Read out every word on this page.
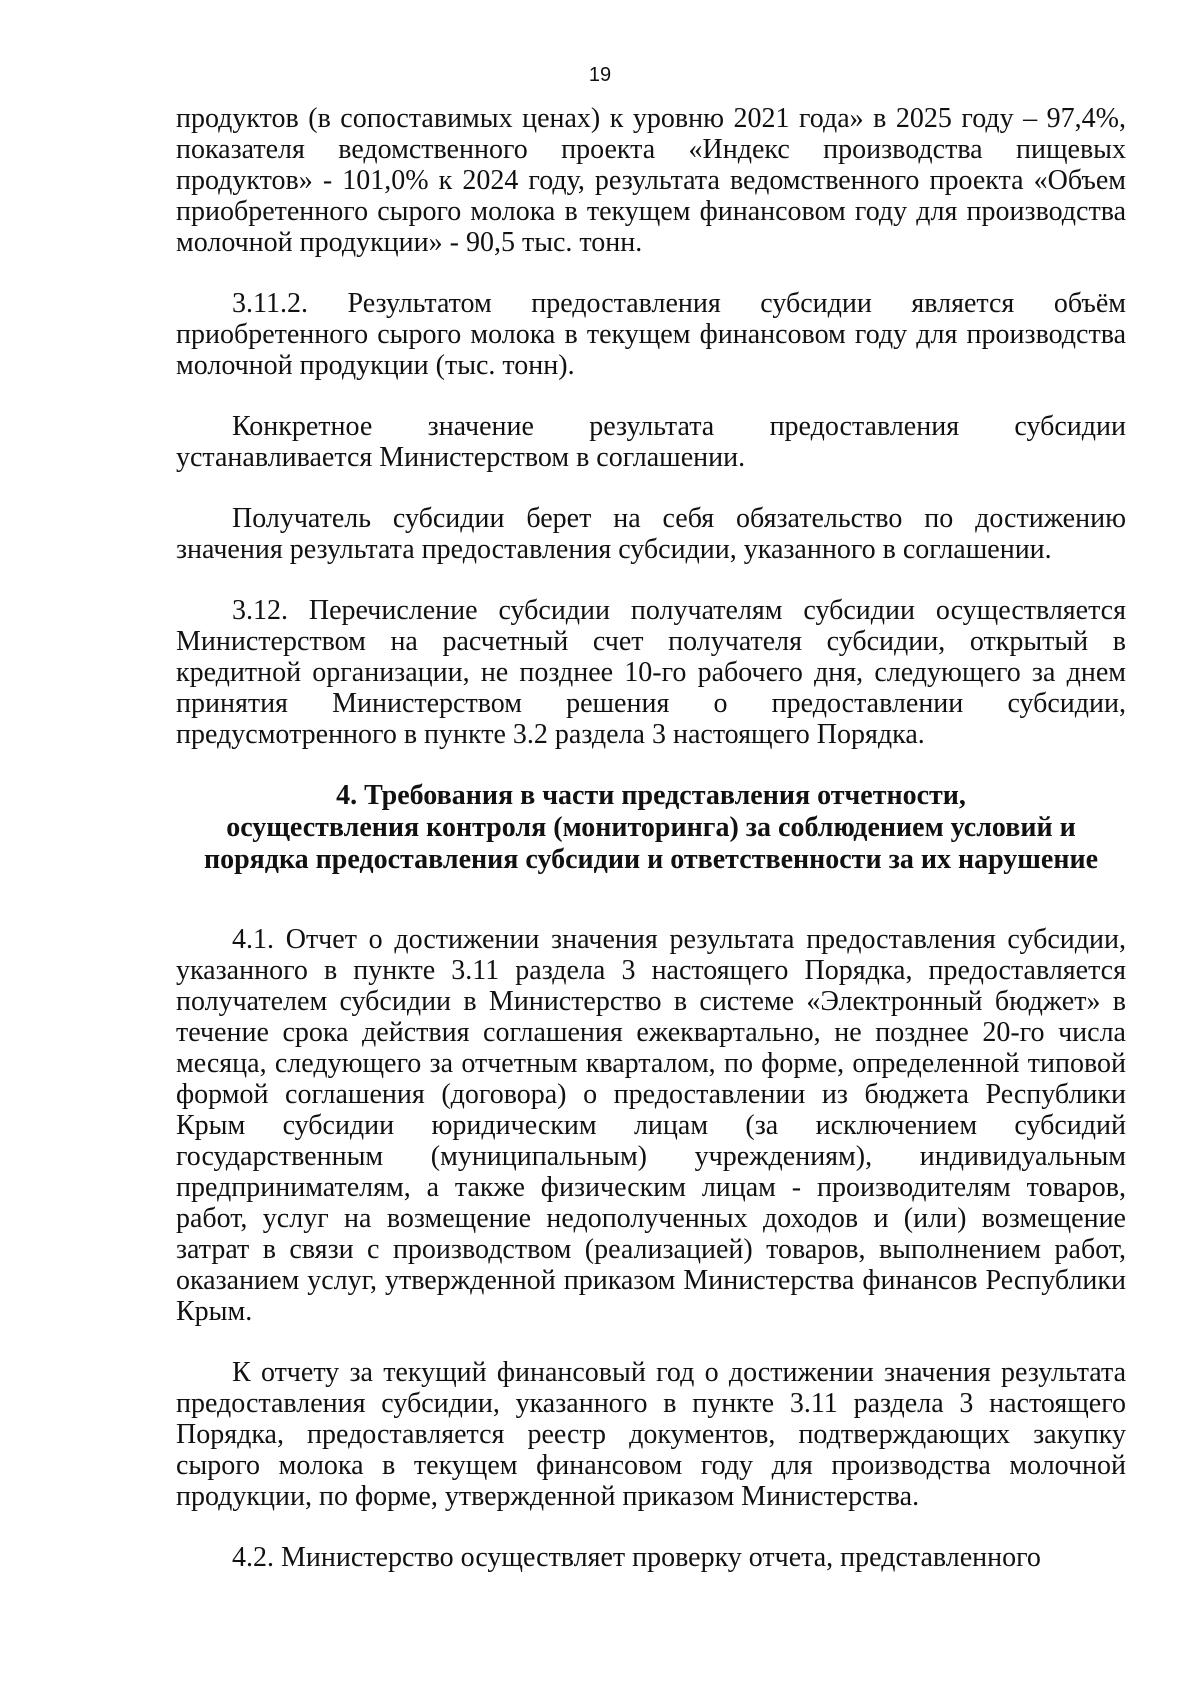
19

продуктов (в сопоставимых ценах) к уровню 2021 года» в 2025 году – 97,4%, показателя ведомственного проекта «Индекс производства пищевых продуктов» - 101,0% к 2024 году, результата ведомственного проекта «Объем приобретенного сырого молока в текущем финансовом году для производства молочной продукции» - 90,5 тыс. тонн.

3.11.2. Результатом предоставления субсидии является объём приобретенного сырого молока в текущем финансовом году для производства молочной продукции (тыс. тонн).

Конкретное значение результата предоставления субсидии устанавливается Министерством в соглашении.

Получатель субсидии берет на себя обязательство по достижению значения результата предоставления субсидии, указанного в соглашении.

3.12. Перечисление субсидии получателям субсидии осуществляется Министерством на расчетный счет получателя субсидии, открытый в кредитной организации, не позднее 10-го рабочего дня, следующего за днем принятия Министерством решения о предоставлении субсидии, предусмотренного в пункте 3.2 раздела 3 настоящего Порядка.

4. Требования в части представления отчетности,
осуществления контроля (мониторинга) за соблюдением условий и
порядка предоставления субсидии и ответственности за их нарушение

4.1. Отчет о достижении значения результата предоставления субсидии, указанного в пункте 3.11 раздела 3 настоящего Порядка, предоставляется получателем субсидии в Министерство в системе «Электронный бюджет» в течение срока действия соглашения ежеквартально, не позднее 20-го числа месяца, следующего за отчетным кварталом, по форме, определенной типовой формой соглашения (договора) о предоставлении из бюджета Республики Крым субсидии юридическим лицам (за исключением субсидий государственным (муниципальным) учреждениям), индивидуальным предпринимателям, а также физическим лицам - производителям товаров, работ, услуг на возмещение недополученных доходов и (или) возмещение затрат в связи с производством (реализацией) товаров, выполнением работ, оказанием услуг, утвержденной приказом Министерства финансов Республики Крым.

К отчету за текущий финансовый год о достижении значения результата предоставления субсидии, указанного в пункте 3.11 раздела 3 настоящего Порядка, предоставляется реестр документов, подтверждающих закупку сырого молока в текущем финансовом году для производства молочной продукции, по форме, утвержденной приказом Министерства.

4.2. Министерство осуществляет проверку отчета, представленного
